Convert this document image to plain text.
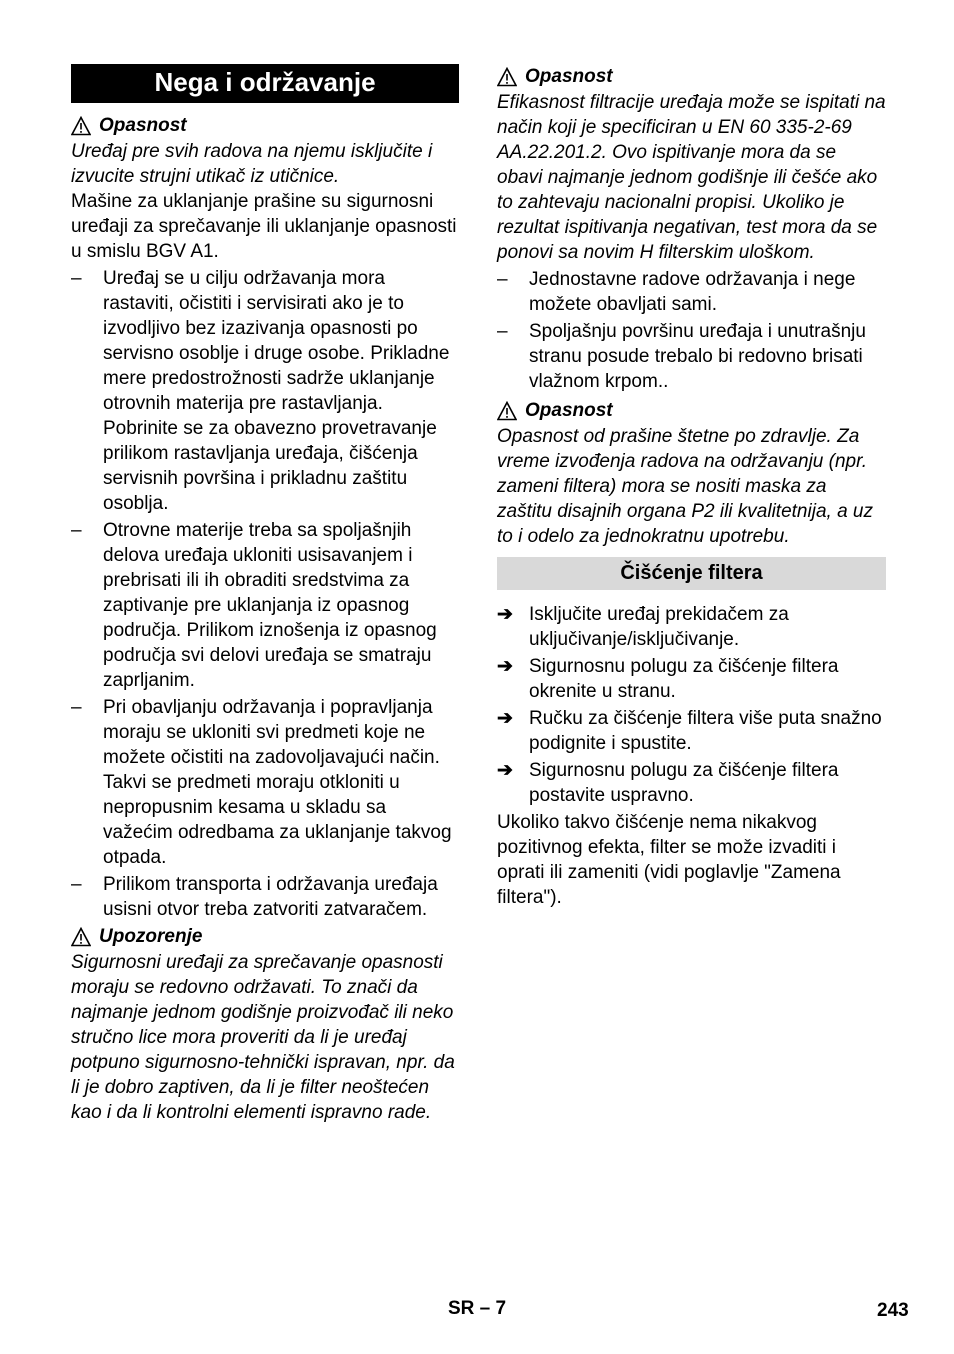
Nega i održavanje
Opasnost

Uređaj pre svih radova na njemu isključite i izvucite strujni utikač iz utičnice.

Mašine za uklanjanje prašine su sigurnosni uređaji za sprečavanje ili uklanjanje opasnosti u smislu BGV A1.

– Uređaj se u cilju održavanja mora rastaviti, očistiti i servisirati ako je to izvodljivo bez izazivanja opasnosti po servisno osoblje i druge osobe. Prikladne mere predostrožnosti sadrže uklanjanje otrovnih materija pre rastavljanja. Pobrinite se za obavezno provetravanje prilikom rastavljanja uređaja, čišćenja servisnih površina i prikladnu zaštitu osoblja.
– Otrovne materije treba sa spoljašnjih delova uređaja ukloniti usisavanjem i prebrisati ili ih obraditi sredstvima za zaptivanje pre uklanjanja iz opasnog područja. Prilikom iznošenja iz opasnog područja svi delovi uređaja se smatraju zaprljanim.
– Pri obavljanju održavanja i popravljanja moraju se ukloniti svi predmeti koje ne možete očistiti na zadovoljavajući način. Takvi se predmeti moraju otkloniti u nepropusnim kesama u skladu sa važećim odredbama za uklanjanje takvog otpada.
– Prilikom transporta i održavanja uređaja usisni otvor treba zatvoriti zatvaračem.
Upozorenje

Sigurnosni uređaji za sprečavanje opasnosti moraju se redovno održavati. To znači da najmanje jednom godišnje proizvođač ili neko stručno lice mora proveriti da li je uređaj potpuno sigurnosno-tehnički ispravan, npr. da li je dobro zaptiven, da li je filter neoštećen kao i da li kontrolni elementi ispravno rade.

Opasnost

Efikasnost filtracije uređaja može se ispitati na način koji je specificiran u EN 60 335-2-69 AA.22.201.2. Ovo ispitivanje mora da se obavi najmanje jednom godišnje ili češće ako to zahtevaju nacionalni propisi. Ukoliko je rezultat ispitivanja negativan, test mora da se ponovi sa novim H filterskim uloškom.

– Jednostavne radove održavanja i nege možete obavljati sami.
– Spoljašnju površinu uređaja i unutrašnju stranu posude trebalo bi redovno brisati vlažnom krpom..
Opasnost

Opasnost od prašine štetne po zdravlje. Za vreme izvođenja radova na održavanju (npr. zameni filtera) mora se nositi maska za zaštitu disajnih organa P2 ili kvalitetnija, a uz to i odelo za jednokratnu upotrebu.

Čišćenje filtera
➔ Isključite uređaj prekidačem za uključivanje/isključivanje.
➔ Sigurnosnu polugu za čišćenje filtera okrenite u stranu.
➔ Ručku za čišćenje filtera više puta snažno podignite i spustite.
➔ Sigurnosnu polugu za čišćenje filtera postavite uspravno.

Ukoliko takvo čišćenje nema nikakvog pozitivnog efekta, filter se može izvaditi i oprati ili zameniti (vidi poglavlje "Zamena filtera").

SR – 7	243
